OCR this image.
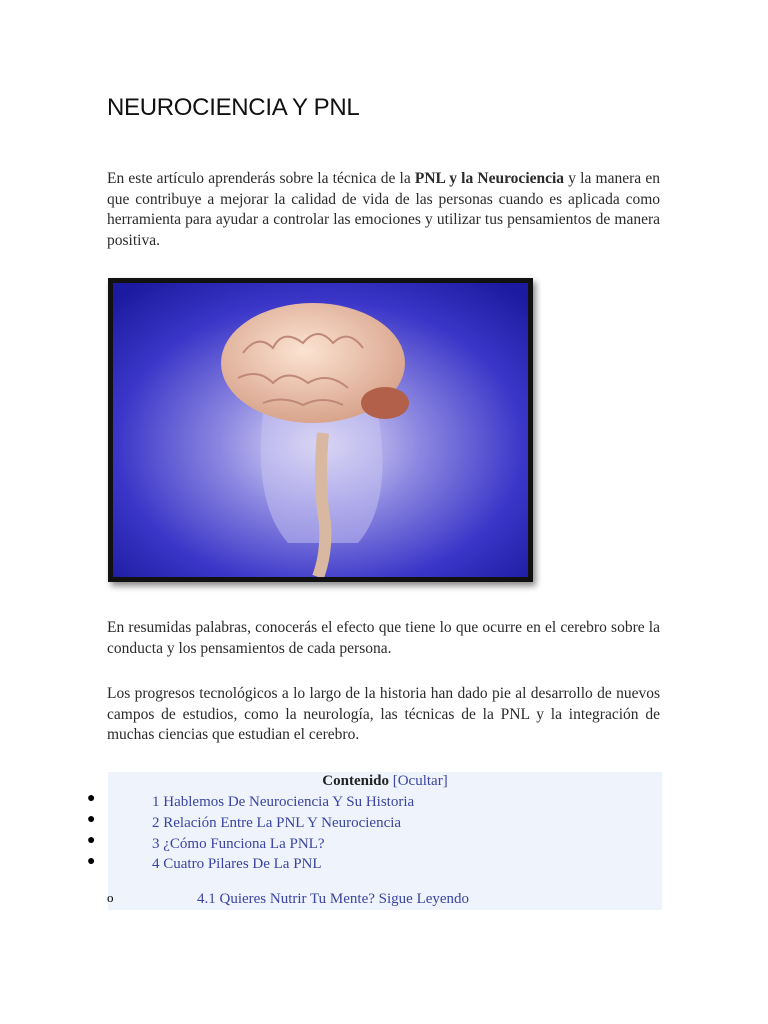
NEUROCIENCIA Y PNL
En este artículo aprenderás sobre la técnica de la PNL y la Neurociencia y la manera en que contribuye a mejorar la calidad de vida de las personas cuando es aplicada como herramienta para ayudar a controlar las emociones y utilizar tus pensamientos de manera positiva.
En resumidas palabras, conocerás el efecto que tiene lo que ocurre en el cerebro sobre la conducta y los pensamientos de cada persona.
Los progresos tecnológicos a lo largo de la historia han dado pie al desarrollo de nuevos campos de estudios, como la neurología, las técnicas de la PNL y la integración de muchas ciencias que estudian el cerebro.
Contenido [Ocultar]
●
●
●
●
o
1 Hablemos De Neurociencia Y Su Historia
2 Relación Entre La PNL Y Neurociencia
3 ¿Cómo Funciona La PNL?
4 Cuatro Pilares De La PNL
4.1 Quieres Nutrir Tu Mente? Sigue Leyendo
